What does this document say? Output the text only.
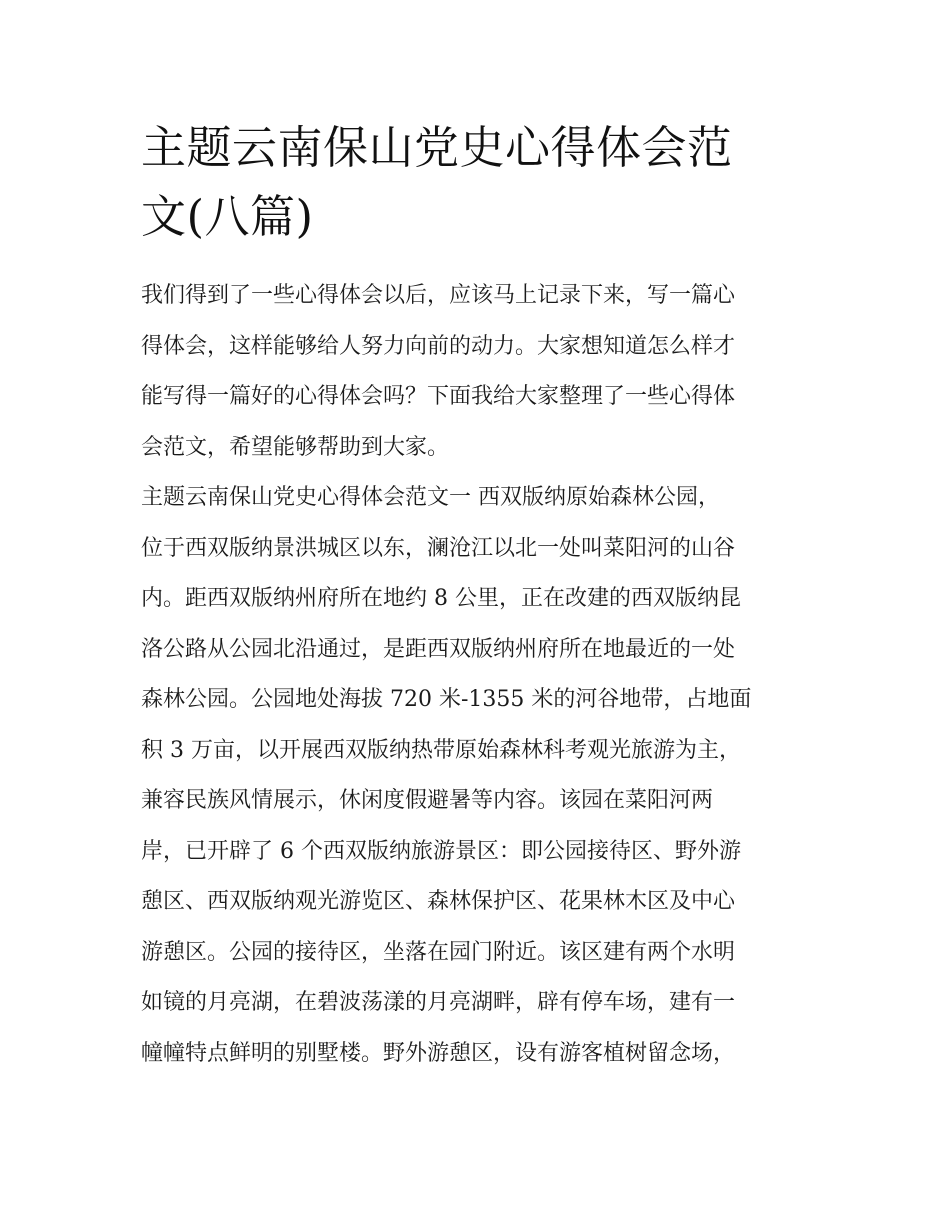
主题云南保山党史心得体会范
文(八篇)
我们得到了一些心得体会以后，应该马上记录下来，写一篇心
得体会，这样能够给人努力向前的动力。大家想知道怎么样才
能写得一篇好的心得体会吗？下面我给大家整理了一些心得体
会范文，希望能够帮助到大家。
主题云南保山党史心得体会范文一 西双版纳原始森林公园，
位于西双版纳景洪城区以东，澜沧江以北一处叫菜阳河的山谷
内。距西双版纳州府所在地约 8 公里，正在改建的西双版纳昆
洛公路从公园北沿通过，是距西双版纳州府所在地最近的一处
森林公园。公园地处海拔 720 米-1355 米的河谷地带，占地面
积 3 万亩，以开展西双版纳热带原始森林科考观光旅游为主，
兼容民族风情展示，休闲度假避暑等内容。该园在菜阳河两
岸，已开辟了 6 个西双版纳旅游景区：即公园接待区、野外游
憩区、西双版纳观光游览区、森林保护区、花果林木区及中心
游憩区。公园的接待区，坐落在园门附近。该区建有两个水明
如镜的月亮湖，在碧波荡漾的月亮湖畔，辟有停车场，建有一
幢幢特点鲜明的别墅楼。野外游憩区，设有游客植树留念场，
